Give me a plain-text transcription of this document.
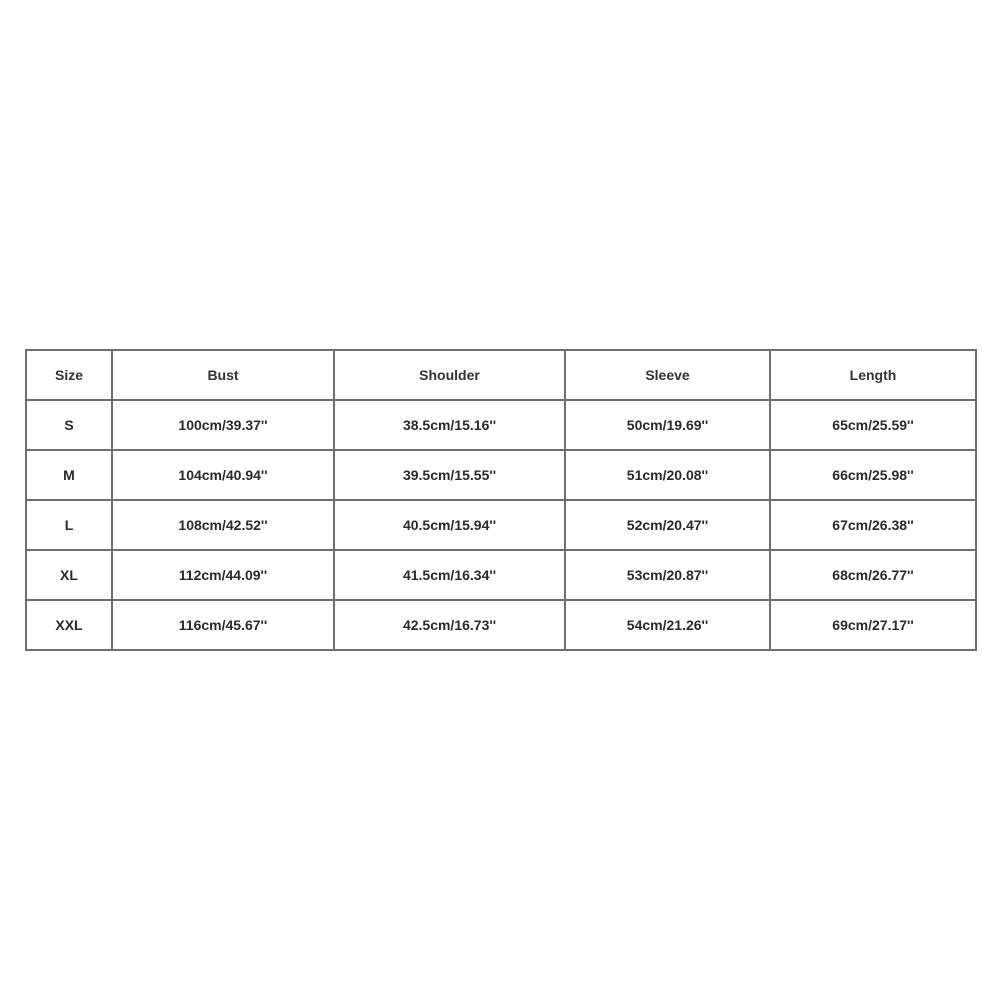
Size	Bust	Shoulder	Sleeve	Length
S	100cm/39.37''	38.5cm/15.16''	50cm/19.69''	65cm/25.59''
M	104cm/40.94''	39.5cm/15.55''	51cm/20.08''	66cm/25.98''
L	108cm/42.52''	40.5cm/15.94''	52cm/20.47''	67cm/26.38''
XL	112cm/44.09''	41.5cm/16.34''	53cm/20.87''	68cm/26.77''
XXL	116cm/45.67''	42.5cm/16.73''	54cm/21.26''	69cm/27.17''
